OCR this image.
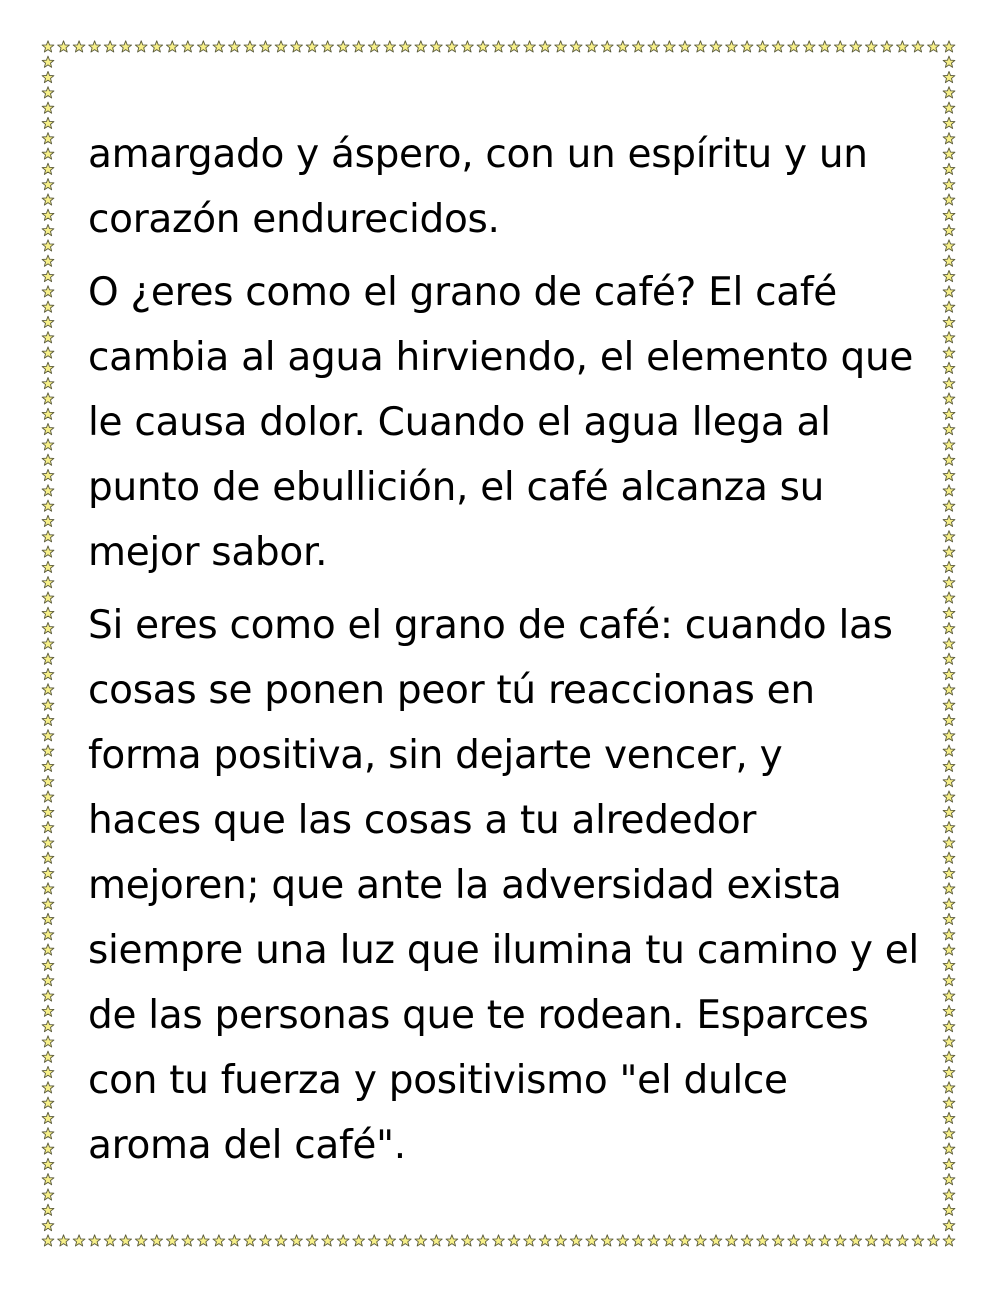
amargado y áspero, con un espíritu y un
corazón endurecidos.

O ¿eres como el grano de café? El café
cambia al agua hirviendo, el elemento que
le causa dolor. Cuando el agua llega al
punto de ebullición, el café alcanza su
mejor sabor.

Si eres como el grano de café: cuando las
cosas se ponen peor tú reaccionas en
forma positiva, sin dejarte vencer, y
haces que las cosas a tu alrededor
mejoren; que ante la adversidad exista
siempre una luz que ilumina tu camino y el
de las personas que te rodean. Esparces
con tu fuerza y positivismo "el dulce
aroma del café".
